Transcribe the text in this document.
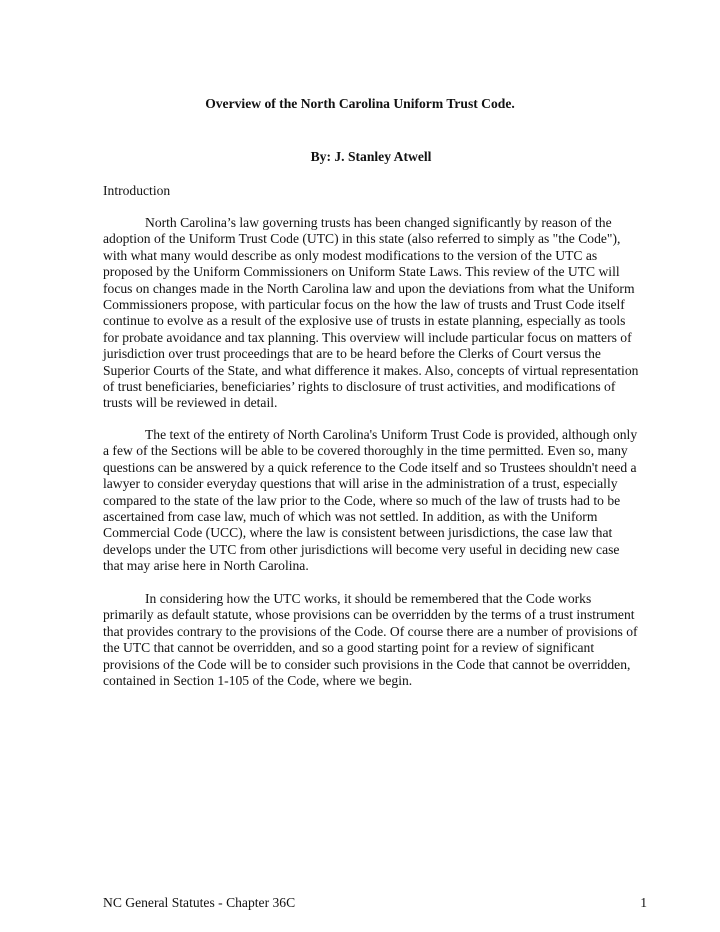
Overview of the North Carolina Uniform Trust Code.
By: J. Stanley Atwell
Introduction

North Carolina’s law governing trusts has been changed significantly by reason of the adoption of the Uniform Trust Code (UTC) in this state (also referred to simply as "the Code"), with what many would describe as only modest modifications to the version of the UTC as proposed by the Uniform Commissioners on Uniform State Laws. This review of the UTC will focus on changes made in the North Carolina law and upon the deviations from what the Uniform Commissioners propose, with particular focus on the how the law of trusts and Trust Code itself continue to evolve as a result of the explosive use of trusts in estate planning, especially as tools for probate avoidance and tax planning. This overview will include particular focus on matters of jurisdiction over trust proceedings that are to be heard before the Clerks of Court versus the Superior Courts of the State, and what difference it makes. Also, concepts of virtual representation of trust beneficiaries, beneficiaries’ rights to disclosure of trust activities, and modifications of trusts will be reviewed in detail.

The text of the entirety of North Carolina's Uniform Trust Code is provided, although only a few of the Sections will be able to be covered thoroughly in the time permitted. Even so, many questions can be answered by a quick reference to the Code itself and so Trustees shouldn't need a lawyer to consider everyday questions that will arise in the administration of a trust, especially compared to the state of the law prior to the Code, where so much of the law of trusts had to be ascertained from case law, much of which was not settled. In addition, as with the Uniform Commercial Code (UCC), where the law is consistent between jurisdictions, the case law that develops under the UTC from other jurisdictions will become very useful in deciding new case that may arise here in North Carolina.

In considering how the UTC works, it should be remembered that the Code works primarily as default statute, whose provisions can be overridden by the terms of a trust instrument that provides contrary to the provisions of the Code. Of course there are a number of provisions of the UTC that cannot be overridden, and so a good starting point for a review of significant provisions of the Code will be to consider such provisions in the Code that cannot be overridden, contained in Section 1-105 of the Code, where we begin.

NC General Statutes - Chapter 36C	1
